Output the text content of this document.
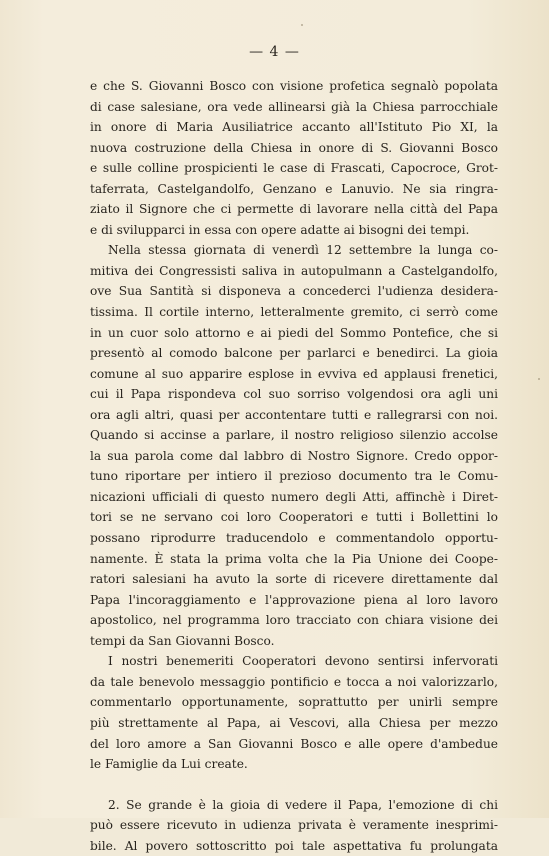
— 4 —
e che S. Giovanni Bosco con visione profetica segnalò popolata
di case salesiane, ora vede allinearsi già la Chiesa parrocchiale
in onore di Maria Ausiliatrice accanto all'Istituto Pio XI, la
nuova costruzione della Chiesa in onore di S. Giovanni Bosco
e sulle colline prospicienti le case di Frascati, Capocroce, Grot-
taferrata, Castelgandolfo, Genzano e Lanuvio. Ne sia ringra-
ziato il Signore che ci permette di lavorare nella città del Papa
e di svilupparci in essa con opere adatte ai bisogni dei tempi.
Nella stessa giornata di venerdì 12 settembre la lunga co-
mitiva dei Congressisti saliva in autopulmann a Castelgandolfo,
ove Sua Santità si disponeva a concederci l'udienza desidera-
tissima. Il cortile interno, letteralmente gremito, ci serrò come
in un cuor solo attorno e ai piedi del Sommo Pontefice, che si
presentò al comodo balcone per parlarci e benedirci. La gioia
comune al suo apparire esplose in evviva ed applausi frenetici,
cui il Papa rispondeva col suo sorriso volgendosi ora agli uni
ora agli altri, quasi per accontentare tutti e rallegrarsi con noi.
Quando si accinse a parlare, il nostro religioso silenzio accolse
la sua parola come dal labbro di Nostro Signore. Credo oppor-
tuno riportare per intiero il prezioso documento tra le Comu-
nicazioni ufficiali di questo numero degli Atti, affinchè i Diret-
tori se ne servano coi loro Cooperatori e tutti i Bollettini lo
possano riprodurre traducendolo e commentandolo opportu-
namente. È stata la prima volta che la Pia Unione dei Coope-
ratori salesiani ha avuto la sorte di ricevere direttamente dal
Papa l'incoraggiamento e l'approvazione piena al loro lavoro
apostolico, nel programma loro tracciato con chiara visione dei
tempi da San Giovanni Bosco.
I nostri benemeriti Cooperatori devono sentirsi infervorati
da tale benevolo messaggio pontificio e tocca a noi valorizzarlo,
commentarlo opportunamente, soprattutto per unirli sempre
più strettamente al Papa, ai Vescovi, alla Chiesa per mezzo
del loro amore a San Giovanni Bosco e alle opere d'ambedue
le Famiglie da Lui create.
2. Se grande è la gioia di vedere il Papa, l'emozione di chi
può essere ricevuto in udienza privata è veramente inesprimi-
bile. Al povero sottoscritto poi tale aspettativa fu prolungata
